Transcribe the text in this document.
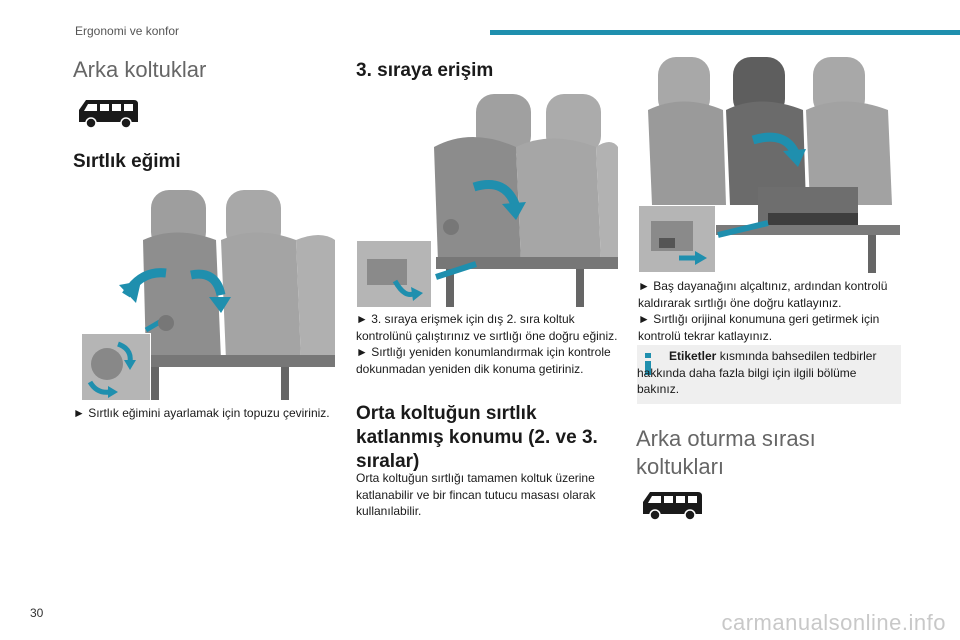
Ergonomi ve konfor
Arka koltuklar
Sırtlık eğimi
► Sırtlık eğimini ayarlamak için topuzu çeviriniz.
3. sıraya erişim

► 3. sıraya erişmek için dış 2. sıra koltuk kontrolünü çalıştırınız ve sırtlığı öne doğru eğiniz.

► Sırtlığı yeniden konumlandırmak için kontrole dokunmadan yeniden dik konuma getiriniz.

Orta koltuğun sırtlık katlanmış konumu (2. ve 3. sıralar)
Orta koltuğun sırtlığı tamamen koltuk üzerine katlanabilir ve bir fincan tutucu masası olarak kullanılabilir.

► Baş dayanağını alçaltınız, ardından kontrolü kaldırarak sırtlığı öne doğru katlayınız.

► Sırtlığı orijinal konumuna geri getirmek için kontrolü tekrar katlayınız.

Etiketler kısmında bahsedilen tedbirler hakkında daha fazla bilgi için ilgili bölüme bakınız.
Arka oturma sırası koltukları
30	carmanualsonline.info
